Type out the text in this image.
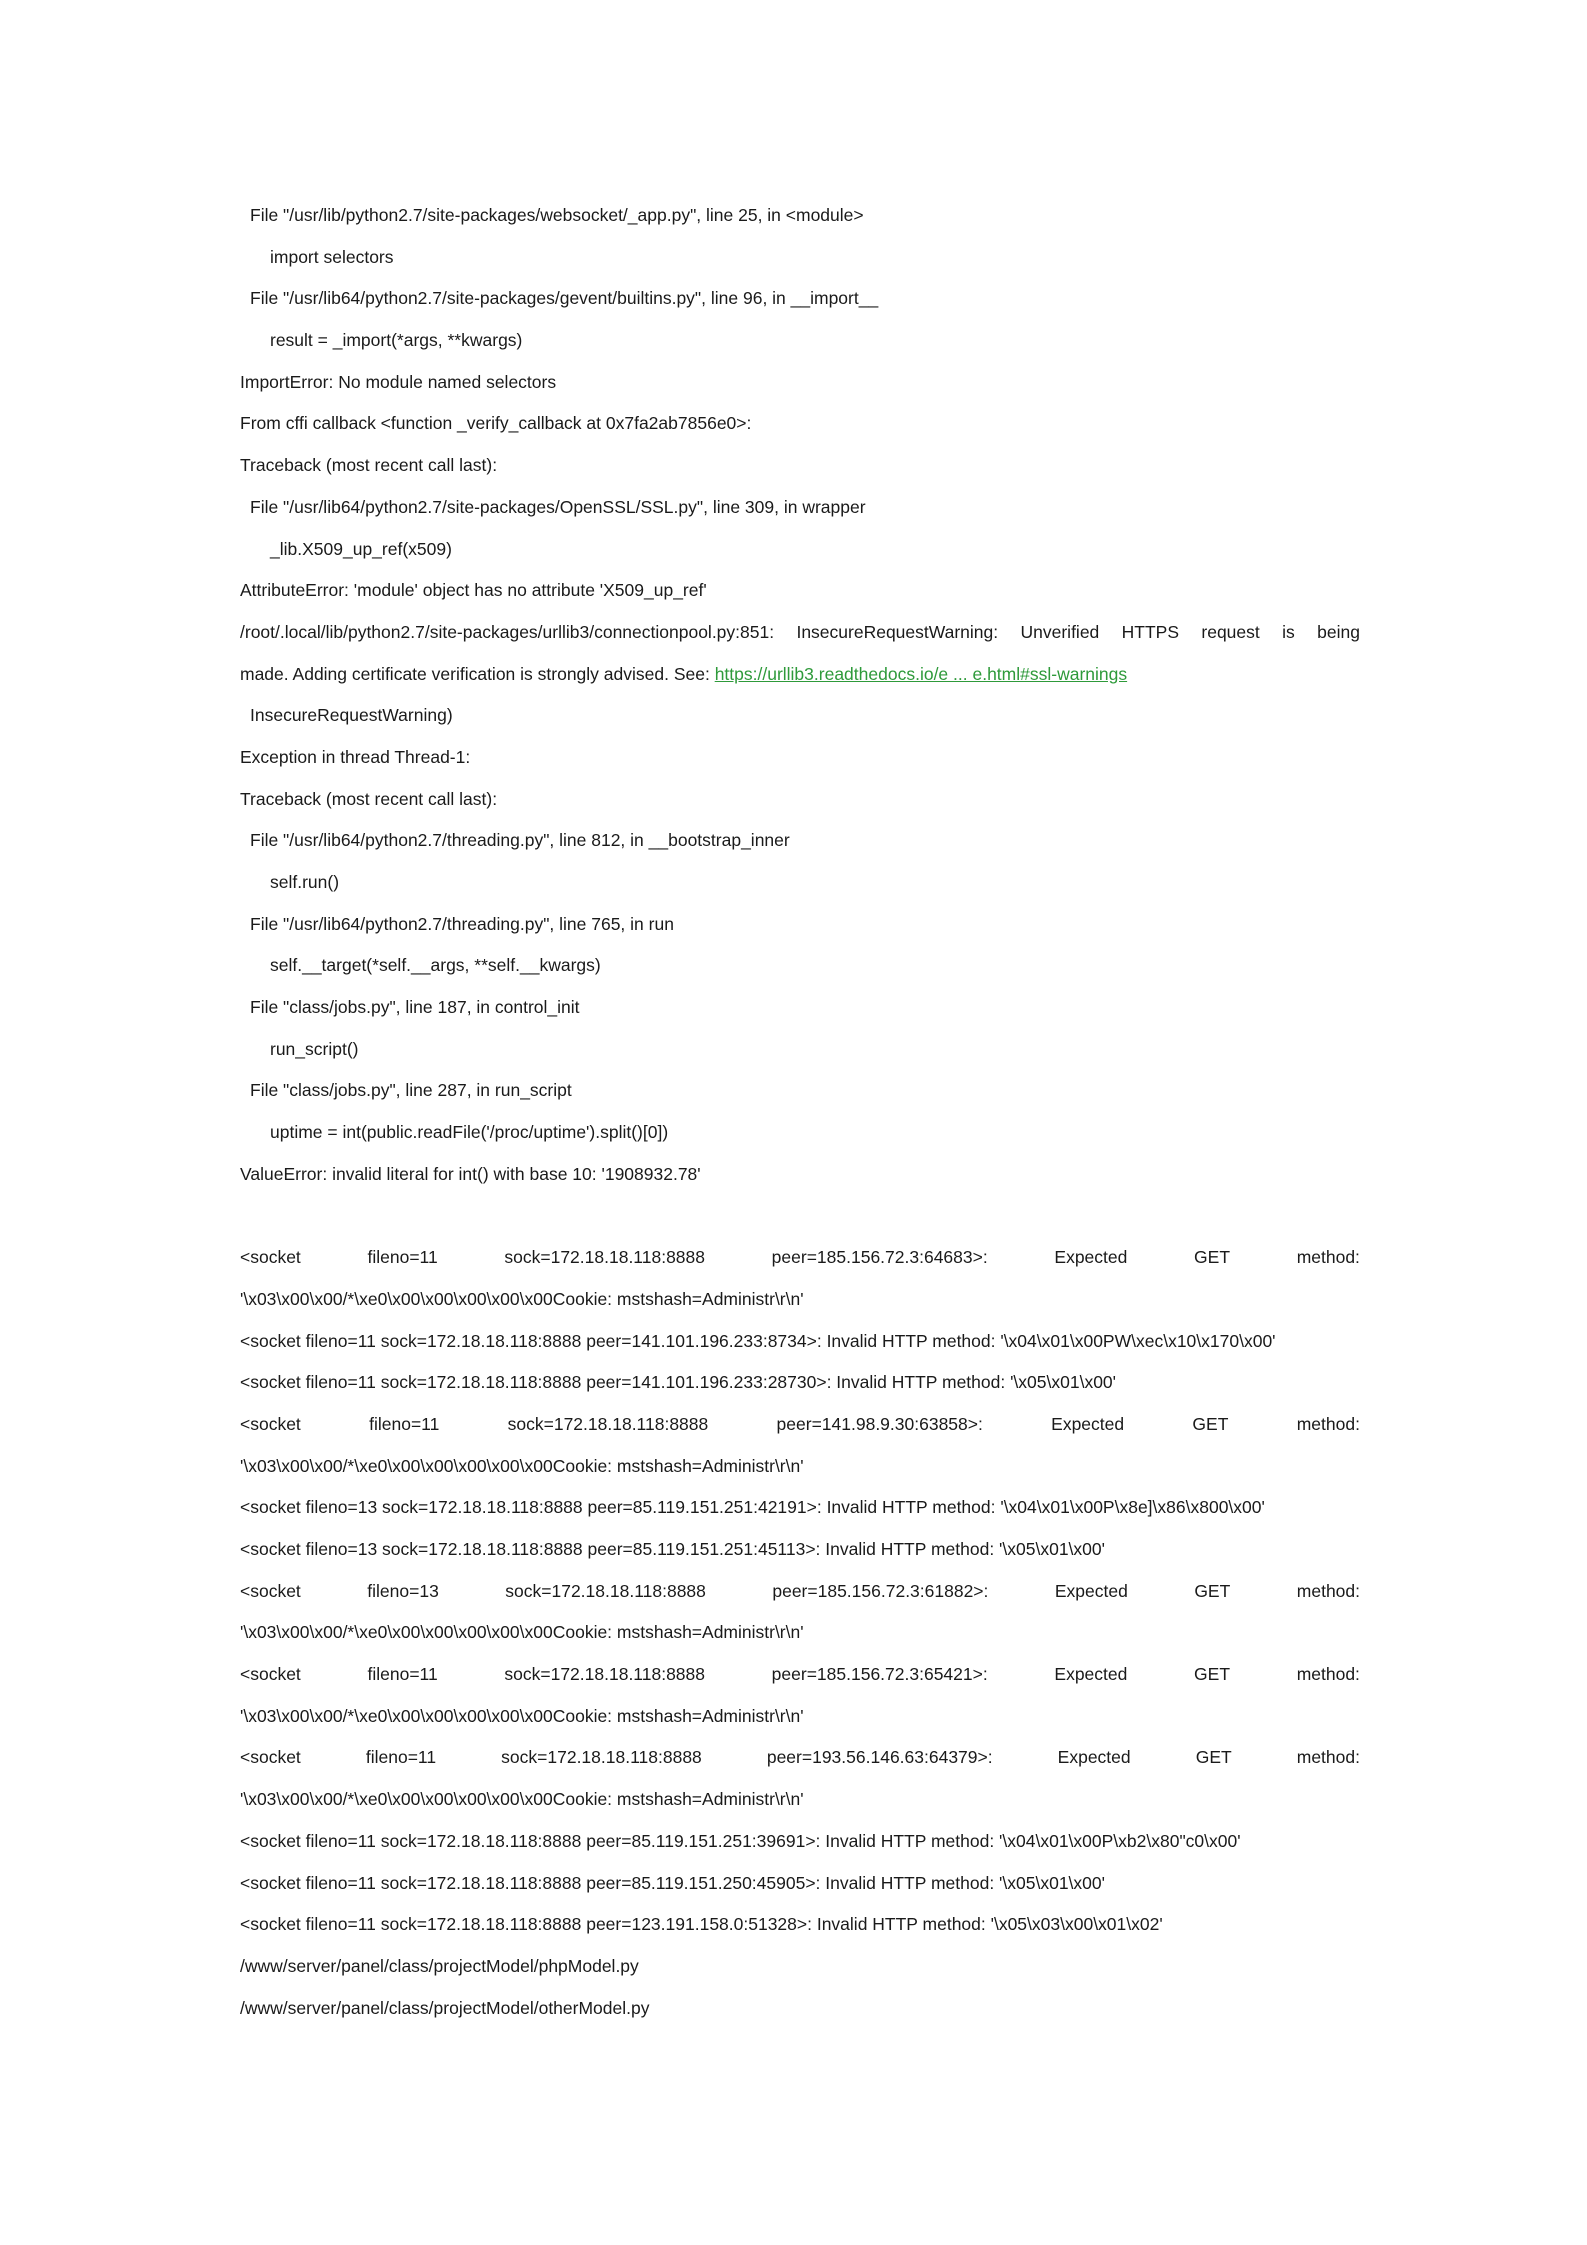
File "/usr/lib/python2.7/site-packages/websocket/_app.py", line 25, in <module>
import selectors
File "/usr/lib64/python2.7/site-packages/gevent/builtins.py", line 96, in __import__
result = _import(*args, **kwargs)
ImportError: No module named selectors
From cffi callback <function _verify_callback at 0x7fa2ab7856e0>:
Traceback (most recent call last):
File "/usr/lib64/python2.7/site-packages/OpenSSL/SSL.py", line 309, in wrapper
_lib.X509_up_ref(x509)
AttributeError: 'module' object has no attribute 'X509_up_ref'
/root/.local/lib/python2.7/site-packages/urllib3/connectionpool.py:851: InsecureRequestWarning: Unverified HTTPS request is being
made. Adding certificate verification is strongly advised. See: https://urllib3.readthedocs.io/e ... e.html#ssl-warnings
InsecureRequestWarning)
Exception in thread Thread-1:
Traceback (most recent call last):
File "/usr/lib64/python2.7/threading.py", line 812, in __bootstrap_inner
self.run()
File "/usr/lib64/python2.7/threading.py", line 765, in run
self.__target(*self.__args, **self.__kwargs)
File "class/jobs.py", line 187, in control_init
run_script()
File "class/jobs.py", line 287, in run_script
uptime = int(public.readFile('/proc/uptime').split()[0])
ValueError: invalid literal for int() with base 10: '1908932.78'
<socket	fileno=11	sock=172.18.18.118:8888	peer=185.156.72.3:64683>:	Expected	GET	method:
'\x03\x00\x00/*\xe0\x00\x00\x00\x00\x00Cookie: mstshash=Administr\r\n'
<socket fileno=11 sock=172.18.18.118:8888 peer=141.101.196.233:8734>: Invalid HTTP method: '\x04\x01\x00PW\xec\x10\x170\x00'
<socket fileno=11 sock=172.18.18.118:8888 peer=141.101.196.233:28730>: Invalid HTTP method: '\x05\x01\x00'
<socket	fileno=11	sock=172.18.18.118:8888	peer=141.98.9.30:63858>:	Expected	GET	method:
'\x03\x00\x00/*\xe0\x00\x00\x00\x00\x00Cookie: mstshash=Administr\r\n'
<socket fileno=13 sock=172.18.18.118:8888 peer=85.119.151.251:42191>: Invalid HTTP method: '\x04\x01\x00P\x8e]\x86\x800\x00'
<socket fileno=13 sock=172.18.18.118:8888 peer=85.119.151.251:45113>: Invalid HTTP method: '\x05\x01\x00'
<socket	fileno=13	sock=172.18.18.118:8888	peer=185.156.72.3:61882>:	Expected	GET	method:
'\x03\x00\x00/*\xe0\x00\x00\x00\x00\x00Cookie: mstshash=Administr\r\n'
<socket	fileno=11	sock=172.18.18.118:8888	peer=185.156.72.3:65421>:	Expected	GET	method:
'\x03\x00\x00/*\xe0\x00\x00\x00\x00\x00Cookie: mstshash=Administr\r\n'
<socket	fileno=11	sock=172.18.18.118:8888	peer=193.56.146.63:64379>:	Expected	GET	method:
'\x03\x00\x00/*\xe0\x00\x00\x00\x00\x00Cookie: mstshash=Administr\r\n'
<socket fileno=11 sock=172.18.18.118:8888 peer=85.119.151.251:39691>: Invalid HTTP method: '\x04\x01\x00P\xb2\x80"c0\x00'
<socket fileno=11 sock=172.18.18.118:8888 peer=85.119.151.250:45905>: Invalid HTTP method: '\x05\x01\x00'
<socket fileno=11 sock=172.18.18.118:8888 peer=123.191.158.0:51328>: Invalid HTTP method: '\x05\x03\x00\x01\x02'
/www/server/panel/class/projectModel/phpModel.py
/www/server/panel/class/projectModel/otherModel.py
